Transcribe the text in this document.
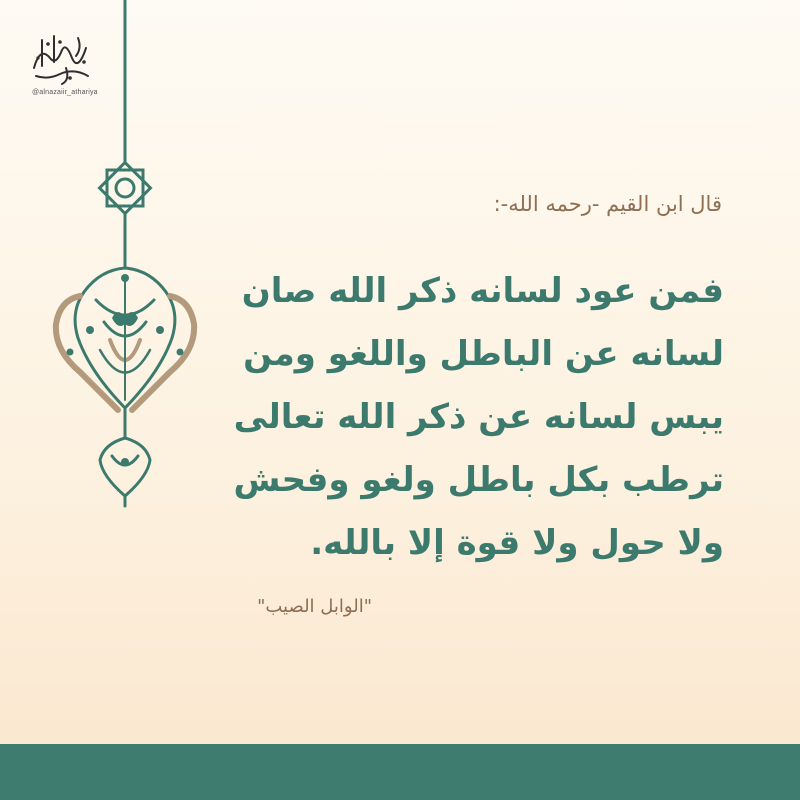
@alnazaiir_athariya
قال ابن القيم -رحمه الله-:

فمن عود لسانه ذكر الله صان
لسانه عن الباطل واللغو ومن
يبس لسانه عن ذكر الله تعالى
ترطب بكل باطل ولغو وفحش
ولا حول ولا قوة إلا بالله.

"الوابل الصيب"
